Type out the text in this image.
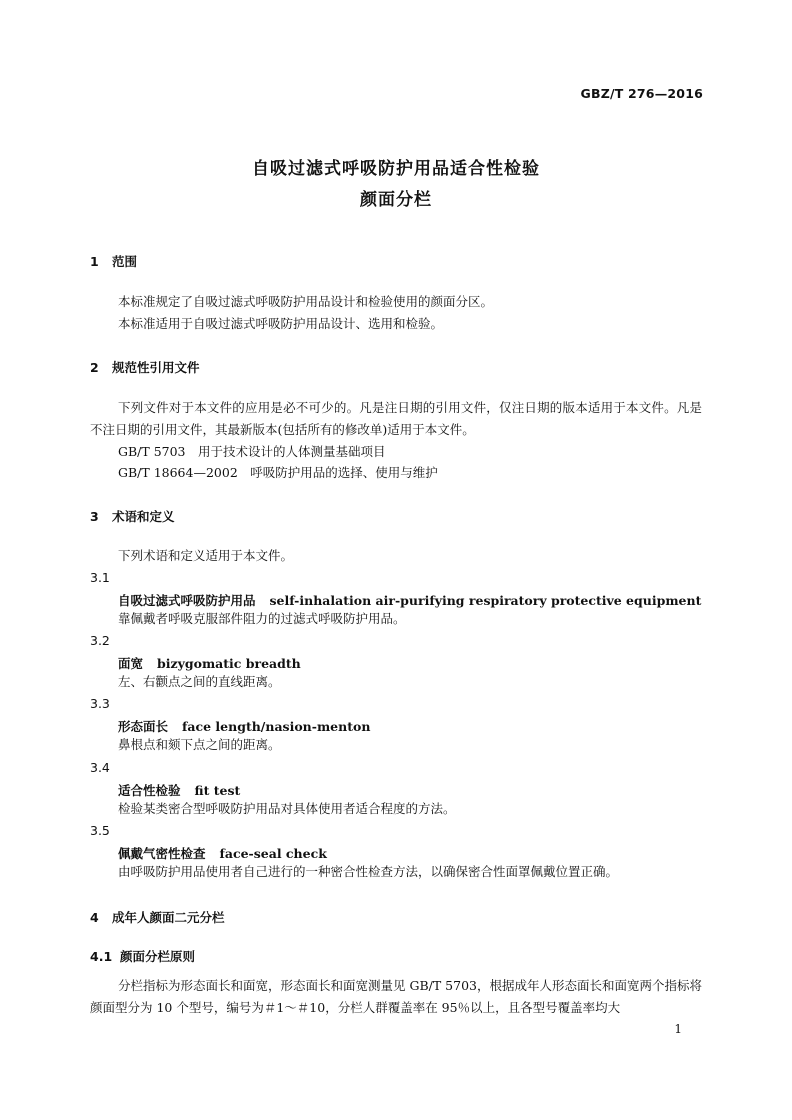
GBZ/T 276—2016
自吸过滤式呼吸防护用品适合性检验
颜面分栏
1 范围
本标准规定了自吸过滤式呼吸防护用品设计和检验使用的颜面分区。
本标准适用于自吸过滤式呼吸防护用品设计、选用和检验。
2 规范性引用文件
下列文件对于本文件的应用是必不可少的。凡是注日期的引用文件，仅注日期的版本适用于本文件。凡是不注日期的引用文件，其最新版本(包括所有的修改单)适用于本文件。
GB/T 5703　用于技术设计的人体测量基础项目
GB/T 18664—2002　呼吸防护用品的选择、使用与维护
3 术语和定义
下列术语和定义适用于本文件。
3.1
自吸过滤式呼吸防护用品 self-inhalation air-purifying respiratory protective equipment
靠佩戴者呼吸克服部件阻力的过滤式呼吸防护用品。
3.2
面宽 bizygomatic breadth
左、右颧点之间的直线距离。
3.3
形态面长 face length/nasion-menton
鼻根点和颏下点之间的距离。
3.4
适合性检验 fit test
检验某类密合型呼吸防护用品对具体使用者适合程度的方法。
3.5
佩戴气密性检查 face-seal check
由呼吸防护用品使用者自己进行的一种密合性检查方法，以确保密合性面罩佩戴位置正确。
4 成年人颜面二元分栏
4.1 颜面分栏原则
分栏指标为形态面长和面宽，形态面长和面宽测量见 GB/T 5703，根据成年人形态面长和面宽两个指标将颜面型分为 10 个型号，编号为＃1～＃10，分栏人群覆盖率在 95％以上，且各型号覆盖率均大
1
